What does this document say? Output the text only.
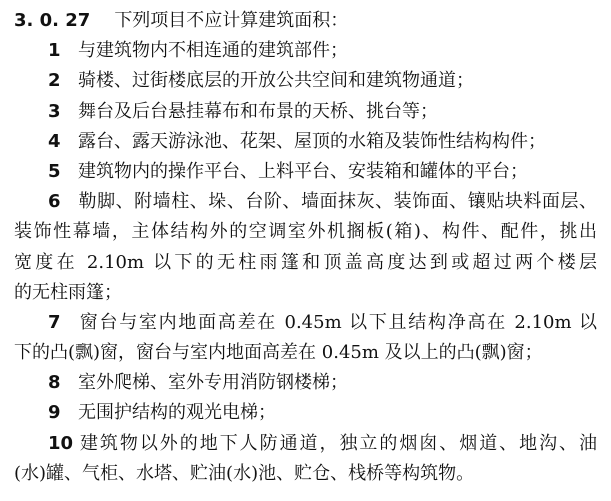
3. 0. 27 下列项目不应计算建筑面积：
1 与建筑物内不相连通的建筑部件；
2 骑楼、过街楼底层的开放公共空间和建筑物通道；
3 舞台及后台悬挂幕布和布景的天桥、挑台等；
4 露台、露天游泳池、花架、屋顶的水箱及装饰性结构构件；
5 建筑物内的操作平台、上料平台、安装箱和罐体的平台；
6 勒脚、附墙柱、垛、台阶、墙面抹灰、装饰面、镶贴块料面层、
装饰性幕墙，主体结构外的空调室外机搁板(箱)、构件、配件，挑出
宽度在 2.10m 以下的无柱雨篷和顶盖高度达到或超过两个楼层
的无柱雨篷；
7 窗台与室内地面高差在 0.45m 以下且结构净高在 2.10m 以
下的凸(飘)窗，窗台与室内地面高差在 0.45m 及以上的凸(飘)窗；
8 室外爬梯、室外专用消防钢楼梯；
9 无围护结构的观光电梯；
10 建筑物以外的地下人防通道，独立的烟囱、烟道、地沟、油
(水)罐、气柜、水塔、贮油(水)池、贮仓、栈桥等构筑物。
